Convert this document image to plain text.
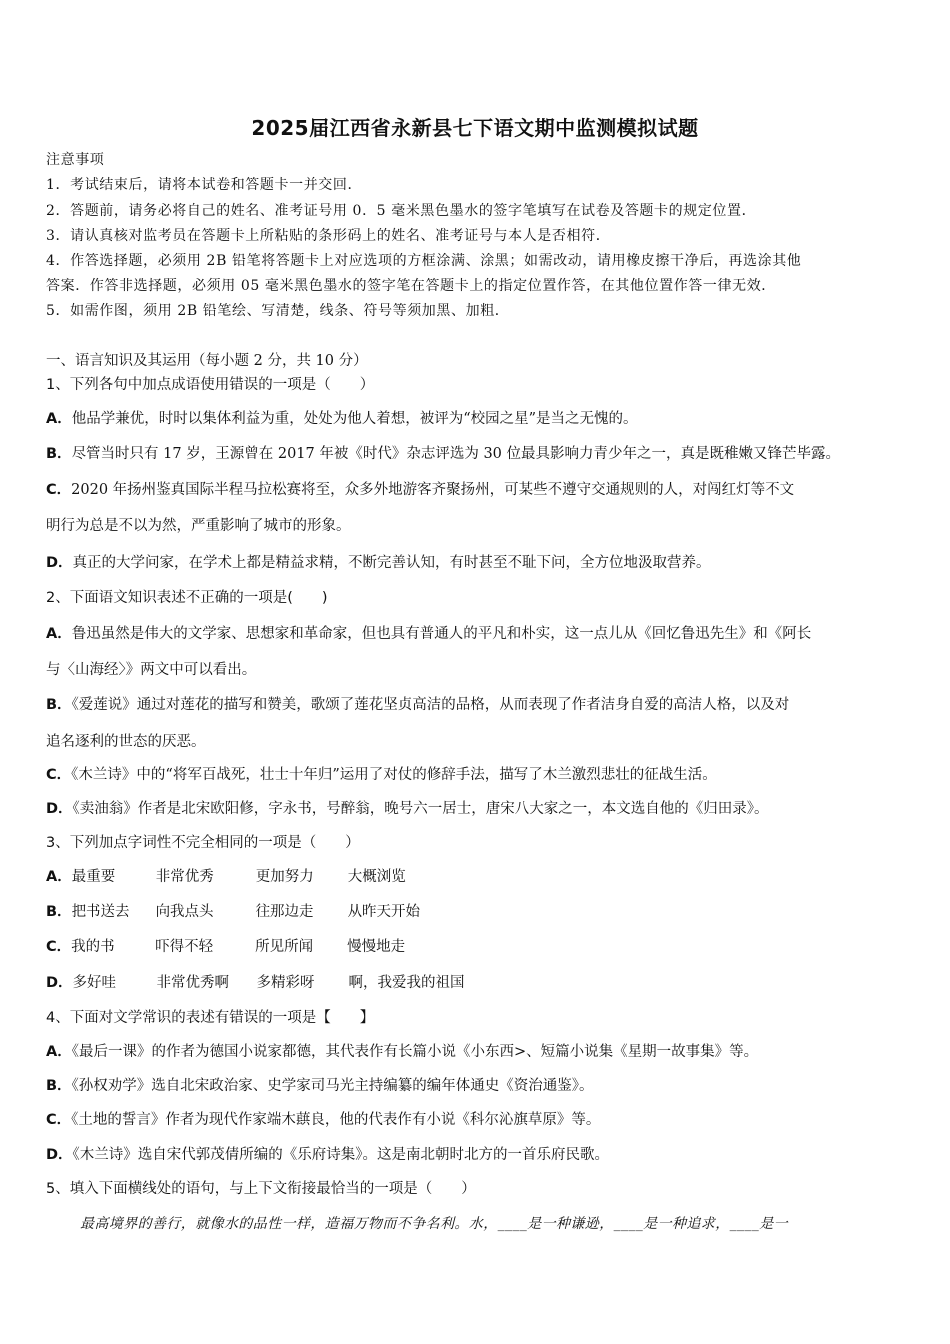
2025届江西省永新县七下语文期中监测模拟试题
注意事项
1．考试结束后，请将本试卷和答题卡一并交回．
2．答题前，请务必将自己的姓名、准考证号用 0．5 毫米黑色墨水的签字笔填写在试卷及答题卡的规定位置．
3．请认真核对监考员在答题卡上所粘贴的条形码上的姓名、准考证号与本人是否相符．
4．作答选择题，必须用 2B 铅笔将答题卡上对应选项的方框涂满、涂黑；如需改动，请用橡皮擦干净后，再选涂其他
答案．作答非选择题，必须用 05 毫米黑色墨水的签字笔在答题卡上的指定位置作答，在其他位置作答一律无效．
5．如需作图，须用 2B 铅笔绘、写清楚，线条、符号等须加黑、加粗．
一、语言知识及其运用（每小题 2 分，共 10 分）
1、下列各句中加点成语使用错误的一项是（　　）
A．他品学兼优，时时以集体利益为重，处处为他人着想，被评为“校园之星”是当之无愧的。
B．尽管当时只有 17 岁，王源曾在 2017 年被《时代》杂志评选为 30 位最具影响力青少年之一，真是既稚嫩又锋芒毕露。
C．2020 年扬州鉴真国际半程马拉松赛将至，众多外地游客齐聚扬州，可某些不遵守交通规则的人，对闯红灯等不文
明行为总是不以为然，严重影响了城市的形象。
D．真正的大学问家，在学术上都是精益求精，不断完善认知，有时甚至不耻下问，全方位地汲取营养。
2、下面语文知识表述不正确的一项是(　　)
A．鲁迅虽然是伟大的文学家、思想家和革命家，但也具有普通人的平凡和朴实，这一点儿从《回忆鲁迅先生》和《阿长
与〈山海经〉》两文中可以看出。
B．《爱莲说》通过对莲花的描写和赞美，歌颂了莲花坚贞高洁的品格，从而表现了作者洁身自爱的高洁人格，以及对
追名逐利的世态的厌恶。
C．《木兰诗》中的“将军百战死，壮士十年归”运用了对仗的修辞手法，描写了木兰激烈悲壮的征战生活。
D．《卖油翁》作者是北宋欧阳修，字永书，号醉翁，晚号六一居士，唐宋八大家之一，本文选自他的《归田录》。
3、下列加点字词性不完全相同的一项是（　　）
A．最重要	非常优秀	更加努力 大概浏览
B．把书送去 向我点头	往那边走 从昨天开始
C．我的书	吓得不轻	所见所闻 慢慢地走
D．多好哇	非常优秀啊 多精彩呀 啊，我爱我的祖国
4、下面对文学常识的表述有错误的一项是【　　】
A．《最后一课》的作者为德国小说家都德，其代表作有长篇小说《小东西>、短篇小说集《星期一故事集》等。
B．《孙权劝学》选自北宋政治家、史学家司马光主持编纂的编年体通史《资治通鉴》。
C．《土地的誓言》作者为现代作家端木蕻良，他的代表作有小说《科尔沁旗草原》等。
D．《木兰诗》选自宋代郭茂倩所编的《乐府诗集》。这是南北朝时北方的一首乐府民歌。
5、填入下面横线处的语句，与上下文衔接最恰当的一项是（　　）
最高境界的善行，就像水的品性一样，造福万物而不争名利。水，____是一种谦逊，____是一种追求，____是一
